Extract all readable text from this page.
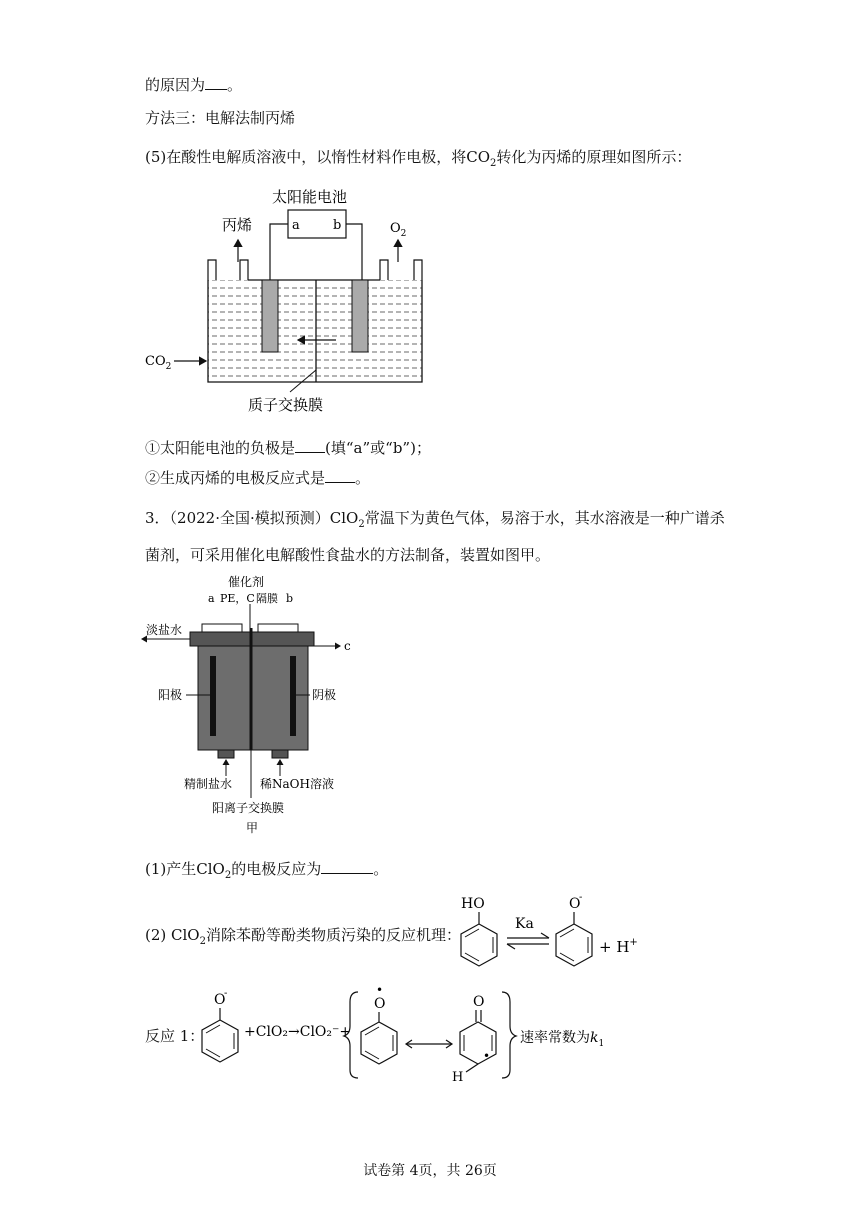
的原因为 。
方法三：电解法制丙烯
(5)在酸性电解质溶液中，以惰性材料作电极，将$CO_2$转化为丙烯的原理如图所示：
太阳能电池
a	b
丙烯	$O_2$
$CO_2$
质子交换膜
①太阳能电池的负极是 (填“a”或“b”)；
②生成丙烯的电极反应式是 。
3．（2022·全国·模拟预测）ClO$_2$常温下为黄色气体，易溶于水，其水溶液是一种广谱杀
菌剂，可采用催化电解酸性食盐水的方法制备，装置如图甲。
催化剂
PE，C 隔膜
a	b
淡盐水
c
阳极	阴极
精制盐水 稀NaOH溶液
阳离子交换膜
甲
(1)产生ClO$_2$的电极反应为	。
(2) ClO$_2$消除苯酚等酚类物质污染的反应机理：
HO
Ka
O
-
+ H+
反应 1：
O
-
+ClO₂→ClO₂⁻+
•
O	O
•
H
速率常数为$k_1$
试卷第 4页，共 26页
